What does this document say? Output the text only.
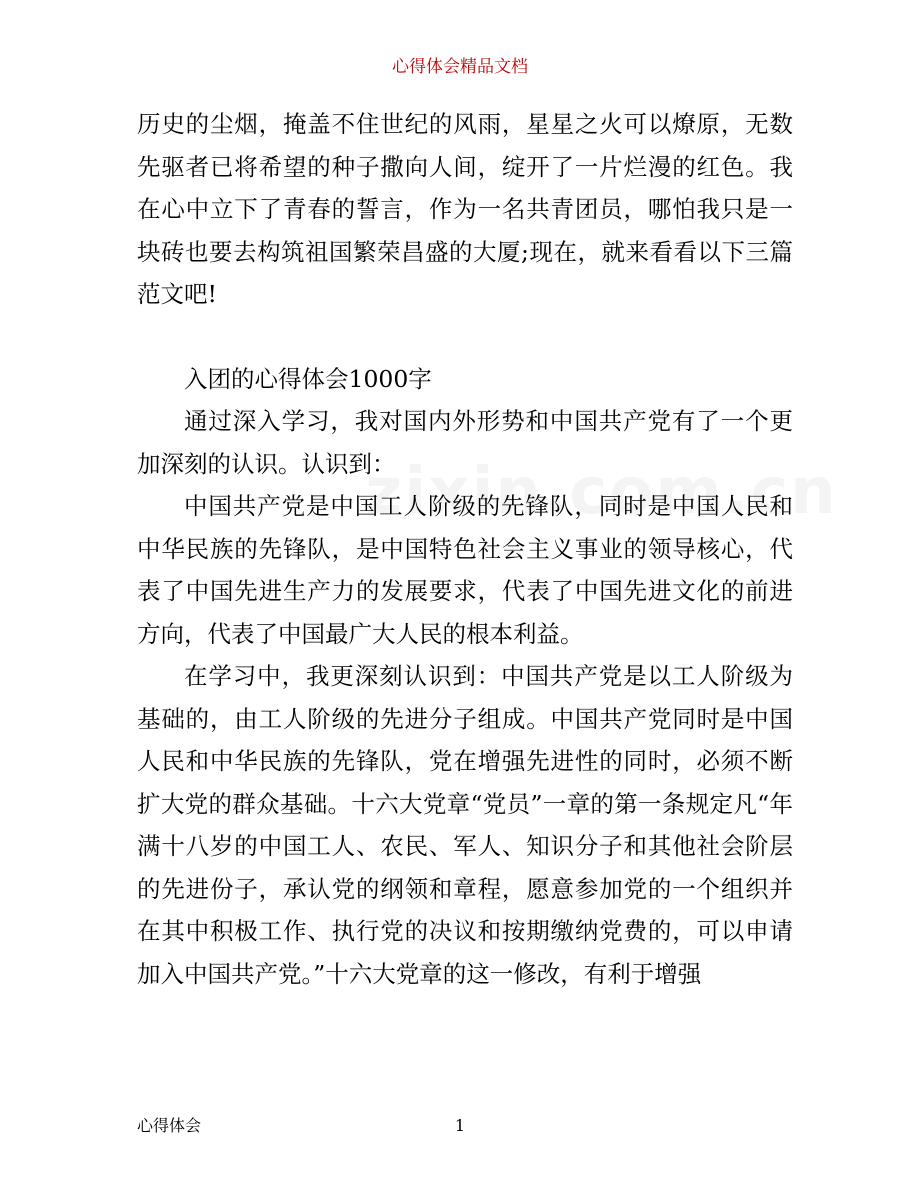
心得体会精品文档

历史的尘烟，掩盖不住世纪的风雨，星星之火可以燎原，无数先驱者已将希望的种子撒向人间，绽开了一片烂漫的红色。我在心中立下了青春的誓言，作为一名共青团员，哪怕我只是一块砖也要去构筑祖国繁荣昌盛的大厦;现在，就来看看以下三篇范文吧!

入团的心得体会1000字

通过深入学习，我对国内外形势和中国共产党有了一个更加深刻的认识。认识到：

中国共产党是中国工人阶级的先锋队，同时是中国人民和中华民族的先锋队，是中国特色社会主义事业的领导核心，代表了中国先进生产力的发展要求，代表了中国先进文化的前进方向，代表了中国最广大人民的根本利益。

在学习中，我更深刻认识到：中国共产党是以工人阶级为基础的，由工人阶级的先进分子组成。中国共产党同时是中国人民和中华民族的先锋队，党在增强先进性的同时，必须不断扩大党的群众基础。十六大党章“党员”一章的第一条规定凡“年满十八岁的中国工人、农民、军人、知识分子和其他社会阶层的先进份子，承认党的纲领和章程，愿意参加党的一个组织并在其中积极工作、执行党的决议和按期缴纳党费的，可以申请加入中国共产党。”十六大党章的这一修改，有利于增强

心得体会	1
